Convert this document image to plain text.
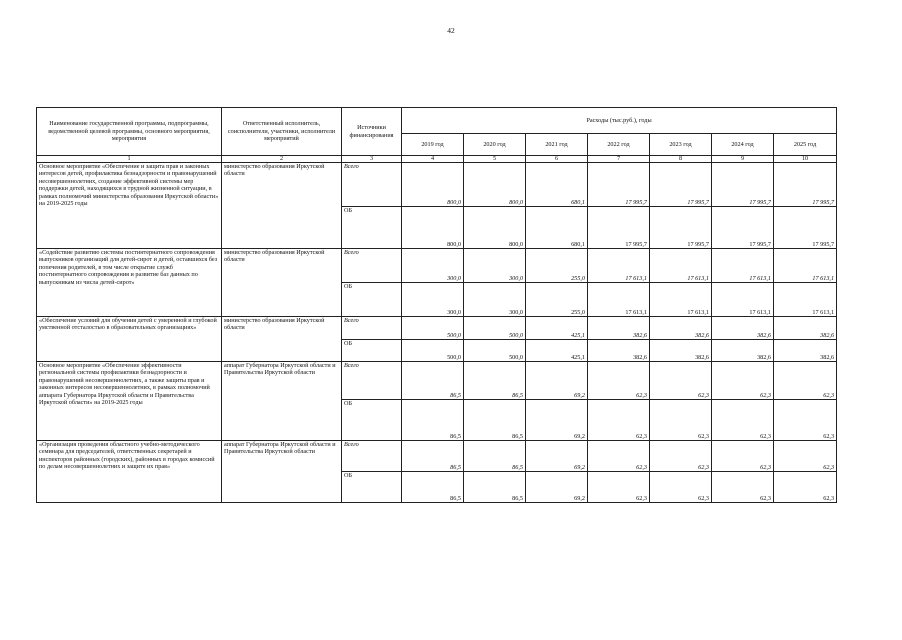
42
Наименование государственной программы, подпрограммы, ведомственной целевой программы, основного мероприятия, мероприятия	Ответственный исполнитель, соисполнители, участники, исполнители мероприятий	Источники финансирования	Расходы (тыс.руб.), годы						
			2019 год	2020 год	2021 год	2022 год	2023 год	2024 год	2025 год
1	2	3	4	5	6	7	8	9	10
Основное мероприятие «Обеспечение и защита прав и законных интересов детей, профилактика безнадзорности и правонарушений несовершеннолетних, создание эффективной системы мер поддержки детей, находящихся в трудной жизненной ситуации, в рамках полномочий министерства образования Иркутской области» на 2019-2025 годы	министерство образования Иркутской области	Всего	800,0	800,0	680,1	17 995,7	17 995,7	17 995,7	17 995,7
		ОБ	800,0	800,0	680,1	17 995,7	17 995,7	17 995,7	17 995,7
«Содействие развитию системы постинтернатного сопровождения выпускников организаций для детей-сирот и детей, оставшихся без попечения родителей, в том числе открытие служб постинтернатного сопровождения и развитие баз данных по выпускникам из числа детей-сирот»	министерство образования Иркутской области	Всего	300,0	300,0	255,0	17 613,1	17 613,1	17 613,1	17 613,1
		ОБ	300,0	300,0	255,0	17 613,1	17 613,1	17 613,1	17 613,1
«Обеспечение условий для обучения детей с умеренной и глубокой умственной отсталостью в образовательных организациях»	министерство образования Иркутской области	Всего	500,0	500,0	425,1	382,6	382,6	382,6	382,6
		ОБ	500,0	500,0	425,1	382,6	382,6	382,6	382,6
Основное мероприятие «Обеспечение эффективности региональной системы профилактики безнадзорности и правонарушений несовершеннолетних, а также защиты прав и законных интересов несовершеннолетних, в рамках полномочий аппарата Губернатора Иркутской области и Правительства Иркутской области» на 2019-2025 годы	аппарат Губернатора Иркутской области и Правительства Иркутской области	Всего	86,5	86,5	69,2	62,3	62,3	62,3	62,3
		ОБ	86,5	86,5	69,2	62,3	62,3	62,3	62,3
«Организация проведения областного учебно-методического семинара для председателей, ответственных секретарей и инспекторов районных (городских), районных в городах комиссий по делам несовершеннолетних и защите их прав»	аппарат Губернатора Иркутской области и Правительства Иркутской области	Всего	86,5	86,5	69,2	62,3	62,3	62,3	62,3
		ОБ	86,5	86,5	69,2	62,3	62,3	62,3	62,3
